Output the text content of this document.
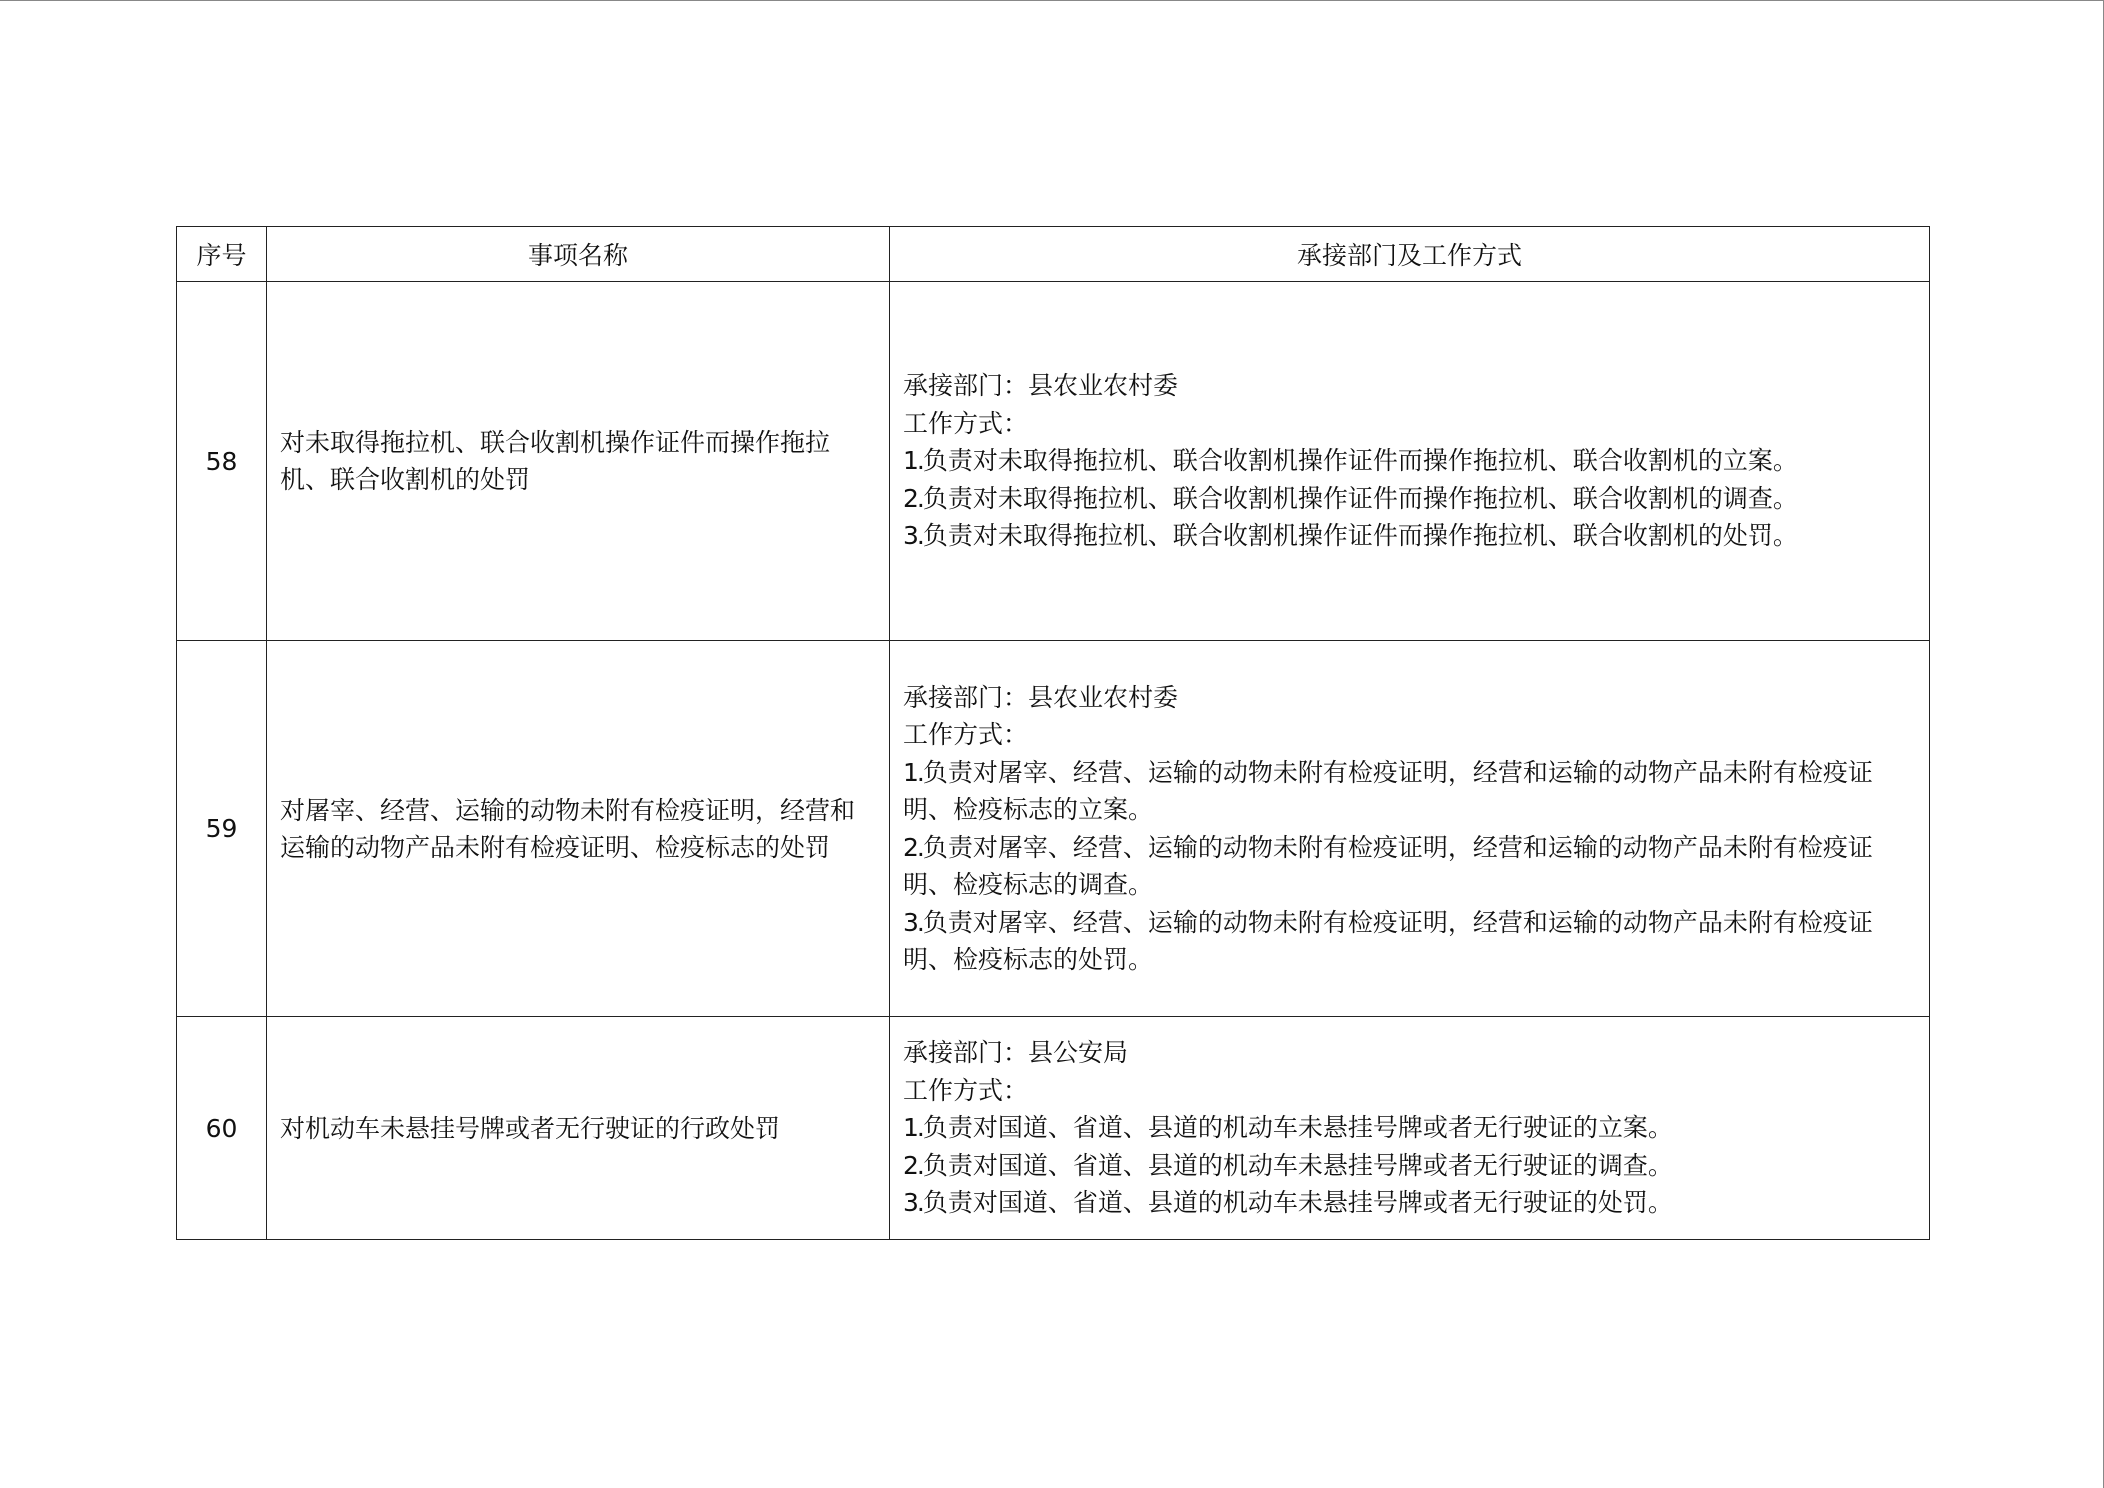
序号	事项名称	承接部门及工作方式
58	对未取得拖拉机、联合收割机操作证件而操作拖拉机、联合收割机的处罚	承接部门：县农业农村委
工作方式：
1.负责对未取得拖拉机、联合收割机操作证件而操作拖拉机、联合收割机的立案。
2.负责对未取得拖拉机、联合收割机操作证件而操作拖拉机、联合收割机的调查。
3.负责对未取得拖拉机、联合收割机操作证件而操作拖拉机、联合收割机的处罚。

59	对屠宰、经营、运输的动物未附有检疫证明，经营和运输的动物产品未附有检疫证明、检疫标志的处罚	承接部门：县农业农村委
工作方式：
1.负责对屠宰、经营、运输的动物未附有检疫证明，经营和运输的动物产品未附有检疫证明、检疫标志的立案。
2.负责对屠宰、经营、运输的动物未附有检疫证明，经营和运输的动物产品未附有检疫证明、检疫标志的调查。
3.负责对屠宰、经营、运输的动物未附有检疫证明，经营和运输的动物产品未附有检疫证明、检疫标志的处罚。

60	对机动车未悬挂号牌或者无行驶证的行政处罚	承接部门：县公安局
工作方式：
1.负责对国道、省道、县道的机动车未悬挂号牌或者无行驶证的立案。
2.负责对国道、省道、县道的机动车未悬挂号牌或者无行驶证的调查。
3.负责对国道、省道、县道的机动车未悬挂号牌或者无行驶证的处罚。
